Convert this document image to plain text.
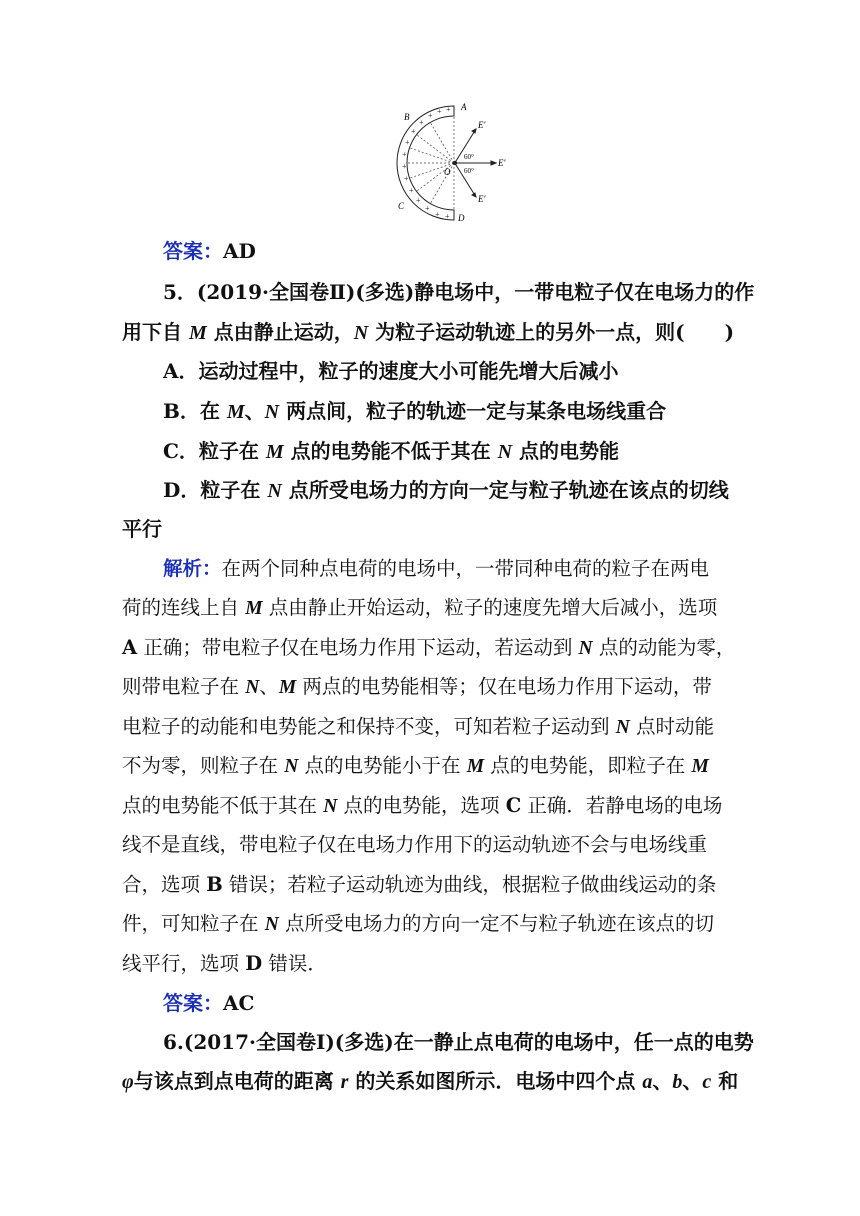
+ + +
+
+
+
+
+
+
+
+
+
+ +
A
B
C
D
O
E′
E′
E′
60°
60°
答案：AD
5．(2019·全国卷Ⅱ)(多选)静电场中，一带电粒子仅在电场力的作
用下自 M 点由静止运动，N 为粒子运动轨迹上的另外一点，则(　　)
A．运动过程中，粒子的速度大小可能先增大后减小
B．在 M、N 两点间，粒子的轨迹一定与某条电场线重合
C．粒子在 M 点的电势能不低于其在 N 点的电势能
D．粒子在 N 点所受电场力的方向一定与粒子轨迹在该点的切线
平行
解析：在两个同种点电荷的电场中，一带同种电荷的粒子在两电
荷的连线上自 M 点由静止开始运动，粒子的速度先增大后减小，选项
A 正确；带电粒子仅在电场力作用下运动，若运动到 N 点的动能为零，
则带电粒子在 N、M 两点的电势能相等；仅在电场力作用下运动，带
电粒子的动能和电势能之和保持不变，可知若粒子运动到 N 点时动能
不为零，则粒子在 N 点的电势能小于在 M 点的电势能，即粒子在 M
点的电势能不低于其在 N 点的电势能，选项 C 正确．若静电场的电场
线不是直线，带电粒子仅在电场力作用下的运动轨迹不会与电场线重
合，选项 B 错误；若粒子运动轨迹为曲线，根据粒子做曲线运动的条
件，可知粒子在 N 点所受电场力的方向一定不与粒子轨迹在该点的切
线平行，选项 D 错误．
答案：AC
6.(2017·全国卷Ⅰ)(多选)在一静止点电荷的电场中，任一点的电势
φ与该点到点电荷的距离 r 的关系如图所示．电场中四个点 a、b、c 和
